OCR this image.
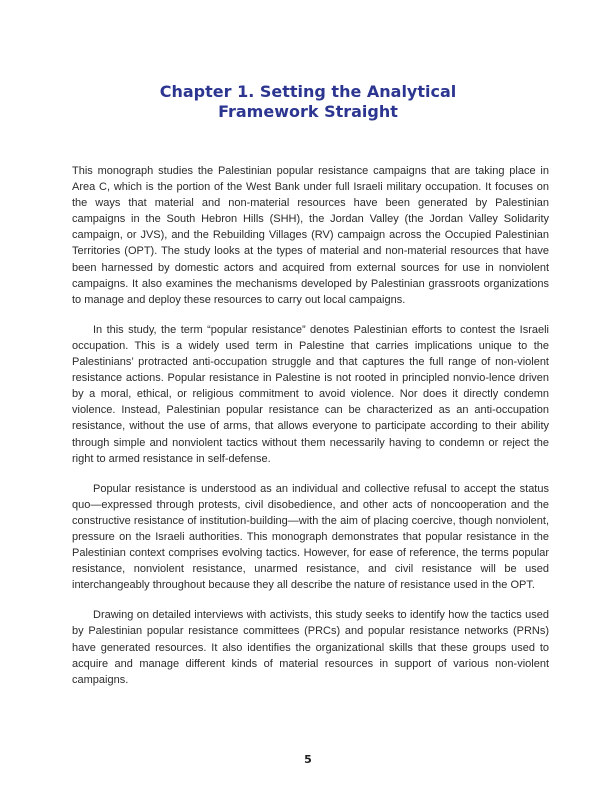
Chapter 1. Setting the Analytical
Framework Straight

This monograph studies the Palestinian popular resistance campaigns that are taking place in Area C, which is the portion of the West Bank under full Israeli military occupation. It focuses on the ways that material and non-material resources have been generated by Palestinian campaigns in the South Hebron Hills (SHH), the Jordan Valley (the Jordan Valley Solidarity campaign, or JVS), and the Rebuilding Villages (RV) campaign across the Occupied Palestinian Territories (OPT). The study looks at the types of material and non-material resources that have been harnessed by domestic actors and acquired from external sources for use in nonviolent campaigns. It also examines the mechanisms developed by Palestinian grassroots organizations to manage and deploy these resources to carry out local campaigns.

In this study, the term “popular resistance” denotes Palestinian efforts to contest the Israeli occupation. This is a widely used term in Palestine that carries implications unique to the Palestinians’ protracted anti-occupation struggle and that captures the full range of non-violent resistance actions. Popular resistance in Palestine is not rooted in principled nonvio-lence driven by a moral, ethical, or religious commitment to avoid violence. Nor does it directly condemn violence. Instead, Palestinian popular resistance can be characterized as an anti-occupation resistance, without the use of arms, that allows everyone to participate according to their ability through simple and nonviolent tactics without them necessarily having to condemn or reject the right to armed resistance in self-defense.

Popular resistance is understood as an individual and collective refusal to accept the status quo—expressed through protests, civil disobedience, and other acts of noncooperation and the constructive resistance of institution-building—with the aim of placing coercive, though nonviolent, pressure on the Israeli authorities. This monograph demonstrates that popular resistance in the Palestinian context comprises evolving tactics. However, for ease of reference, the terms popular resistance, nonviolent resistance, unarmed resistance, and civil resistance will be used interchangeably throughout because they all describe the nature of resistance used in the OPT.

Drawing on detailed interviews with activists, this study seeks to identify how the tactics used by Palestinian popular resistance committees (PRCs) and popular resistance networks (PRNs) have generated resources. It also identifies the organizational skills that these groups used to acquire and manage different kinds of material resources in support of various non-violent campaigns.

5
